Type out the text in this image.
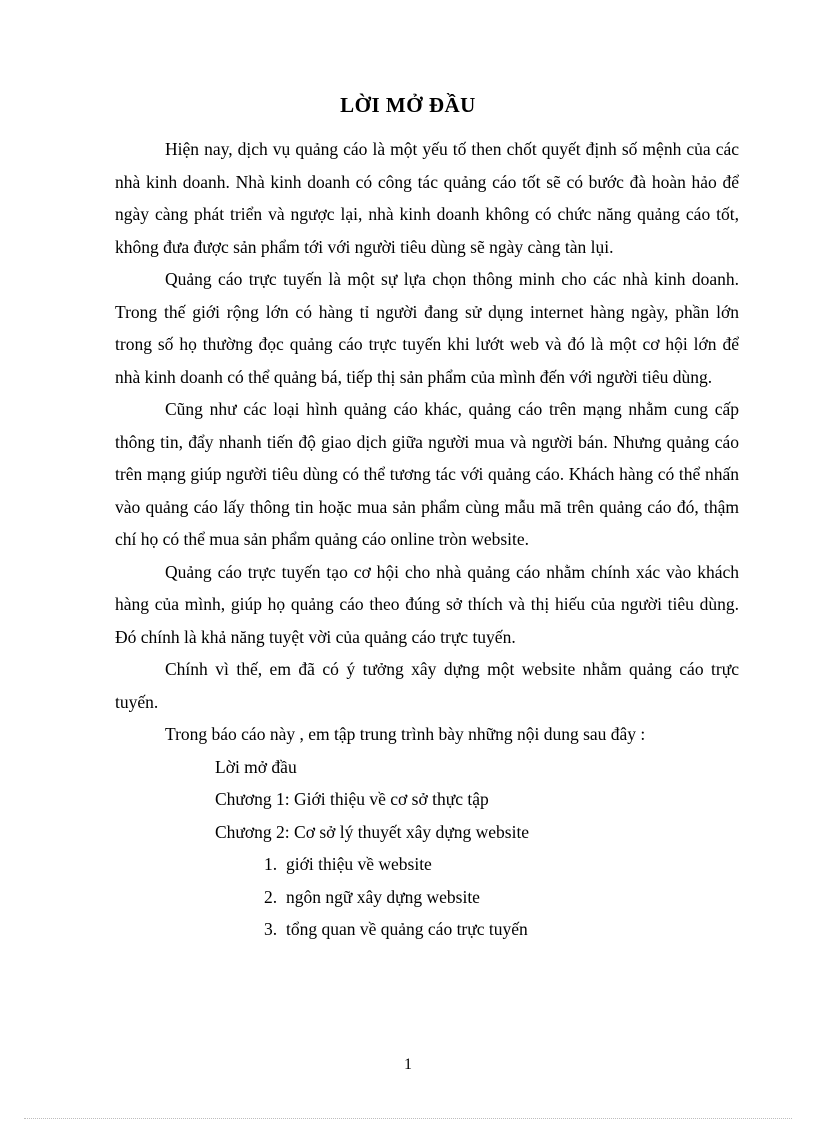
LỜI MỞ ĐẦU

Hiện nay, dịch vụ quảng cáo là một yếu tố then chốt quyết định số mệnh của các nhà kinh doanh. Nhà kinh doanh có công tác quảng cáo tốt sẽ có bước đà hoàn hảo để ngày càng phát triển và ngược lại, nhà kinh doanh không có chức năng quảng cáo tốt, không đưa được sản phẩm tới với người tiêu dùng sẽ ngày càng tàn lụi.

Quảng cáo trực tuyến là một sự lựa chọn thông minh cho các nhà kinh doanh. Trong thế giới rộng lớn có hàng tỉ người đang sử dụng internet hàng ngày, phần lớn trong số họ thường đọc quảng cáo trực tuyến khi lướt web và đó là một cơ hội lớn để nhà kinh doanh có thể quảng bá, tiếp thị sản phẩm của mình đến với người tiêu dùng.

Cũng như các loại hình quảng cáo khác, quảng cáo trên mạng nhằm cung cấp thông tin, đẩy nhanh tiến độ giao dịch giữa người mua và người bán. Nhưng quảng cáo trên mạng giúp người tiêu dùng có thể tương tác với quảng cáo. Khách hàng có thể nhấn vào quảng cáo lấy thông tin hoặc mua sản phẩm cùng mẫu mã trên quảng cáo đó, thậm chí họ có thể mua sản phẩm quảng cáo online tròn website.

Quảng cáo trực tuyến tạo cơ hội cho nhà quảng cáo nhằm chính xác vào khách hàng của mình, giúp họ quảng cáo theo đúng sở thích và thị hiếu của người tiêu dùng. Đó chính là khả năng tuyệt vời của quảng cáo trực tuyến.

Chính vì thế, em đã có ý tưởng xây dựng một website nhằm quảng cáo trực tuyến.

Trong báo cáo này , em tập trung trình bày những nội dung sau đây :

Lời mở đầu

Chương 1: Giới thiệu về cơ sở thực tập

Chương 2: Cơ sở lý thuyết xây dựng website

1. giới thiệu về website

2. ngôn ngữ xây dựng website

3. tổng quan về quảng cáo trực tuyến

1
